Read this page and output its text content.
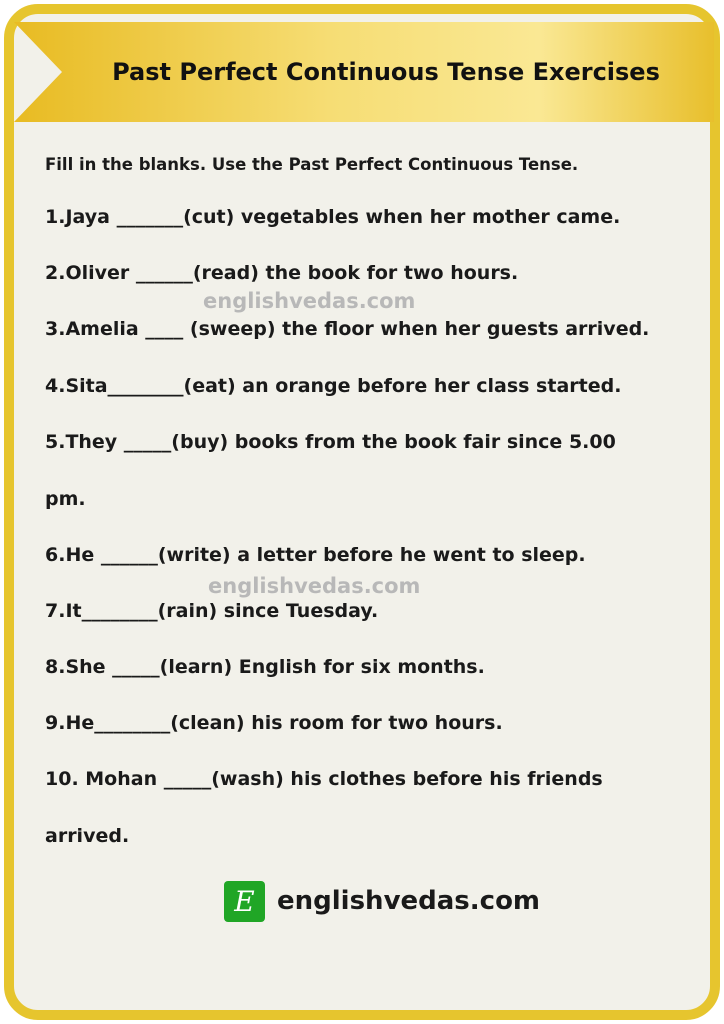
Past Perfect Continuous Tense Exercises
Fill in the blanks. Use the Past Perfect Continuous Tense.
1.Jaya _______(cut) vegetables when her mother came.
2.Oliver ______(read) the book for two hours.
3.Amelia ____ (sweep) the floor when her guests arrived.
4.Sita________(eat) an orange before her class started.
5.They _____(buy) books from the book fair since 5.00
pm.
6.He ______(write) a letter before he went to sleep.
7.It________(rain) since Tuesday.
8.She _____(learn) English for six months.
9.He________(clean) his room for two hours.
10. Mohan _____(wash) his clothes before his friends
arrived.
englishvedas.com
englishvedas.com
E englishvedas.com
